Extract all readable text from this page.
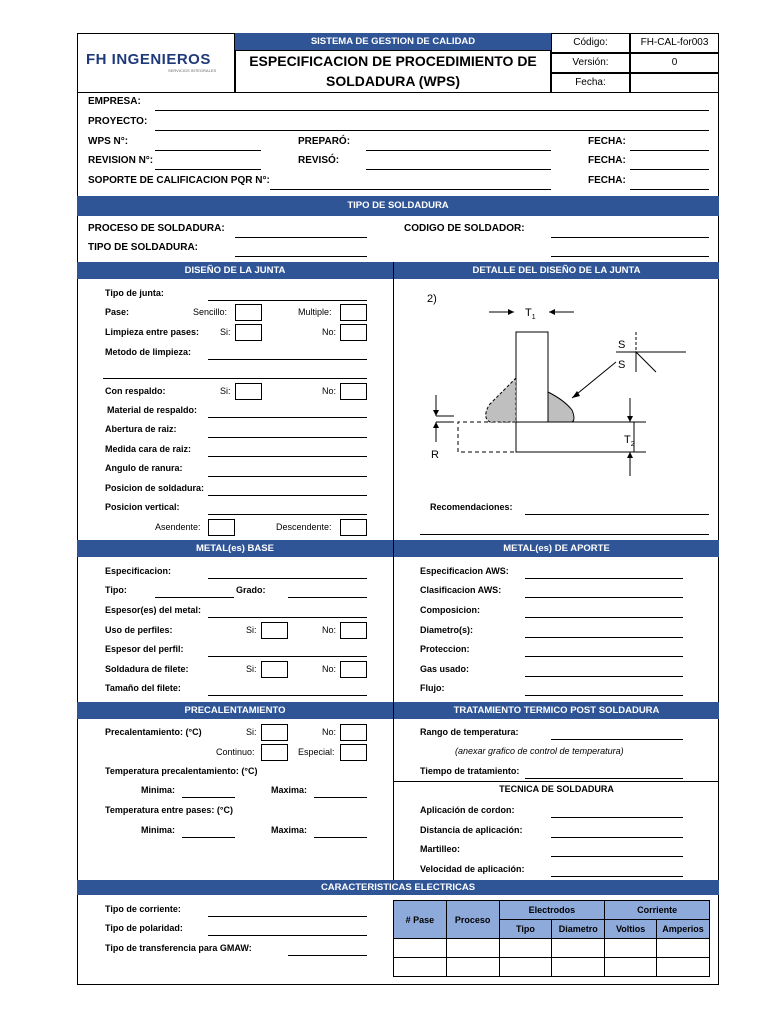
FH INGENIEROS
SERVICIOS INTEGRALES
SISTEMA DE GESTION DE CALIDAD
ESPECIFICACION DE PROCEDIMIENTO DE
SOLDADURA (WPS)
Código:	FH-CAL-for003
Versión:	0
Fecha:
EMPRESA:
PROYECTO:
WPS N°:	PREPARÓ:	FECHA:
REVISION N°:	REVISÓ:	FECHA:
SOPORTE DE CALIFICACION PQR N°:	FECHA:
TIPO DE SOLDADURA
PROCESO DE SOLDADURA:
TIPO DE SOLDADURA:
CODIGO DE SOLDADOR:
DISEÑO DE LA JUNTA	DETALLE DEL DISEÑO DE LA JUNTA
Tipo de junta:
Pase:	Sencillo:	Multiple:
Limpieza entre pases: Si:	No:
Metodo de limpieza:
Con respaldo:	Si:	No:
Material de respaldo:
Abertura de raiz:
Medida cara de raiz:
Angulo de ranura:
Posicion de soldadura:
Posicion vertical:
Asendente:	Descendente:
2)
$T_1$
S
S
R
$T_2$
Recomendaciones:
METAL(es) BASE	METAL(es) DE APORTE
Especificacion:
Tipo:	Grado:
Espesor(es) del metal:
Uso de perfiles:	Si:	No:
Espesor del perfil:
Soldadura de filete:	Si:	No:
Tamaño del filete:
Especificacion AWS:
Clasificacion AWS:
Composicion:
Diametro(s):
Proteccion:
Gas usado:
Flujo:
PRECALENTAMIENTO	TRATAMIENTO TERMICO POST SOLDADURA
Precalentamiento: (°C)	Si:	No:
Continuo:	Especial:
Temperatura precalentamiento: (°C)
Minima:	Maxima:
Temperatura entre pases: (°C)
Minima:	Maxima:
Rango de temperatura:
(anexar grafico de control de temperatura)
Tiempo de tratamiento:
TECNICA DE SOLDADURA
Aplicación de cordon:
Distancia de aplicación:
Martilleo:
Velocidad de aplicación:
CARACTERISTICAS ELECTRICAS
Tipo de corriente:
Tipo de polaridad:
Tipo de transferencia para GMAW:
# Pase	Proceso	Electrodos		Corriente	
		Tipo	Diametro	Voltios	Amperios
